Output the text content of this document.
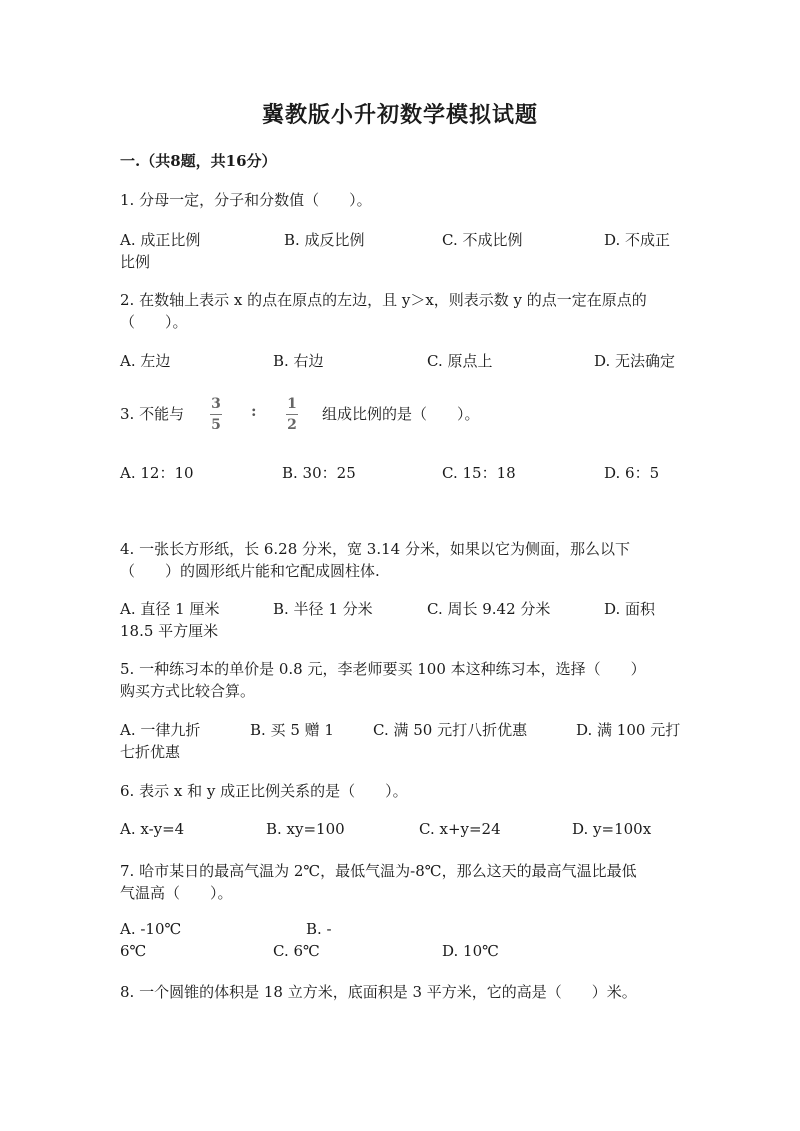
冀教版小升初数学模拟试题
一.（共8题，共16分）
1. 分母一定，分子和分数值（　　）。
A. 成正比例	B. 成反比例	C. 不成比例	D. 不成正
比例
2. 在数轴上表示 x 的点在原点的左边，且 y＞x，则表示数 y 的点一定在原点的
（　　）。
A. 左边	B. 右边	C. 原点上	D. 无法确定
3. 不能与
3
5
: 1
2
组成比例的是（　　）。
A. 12：10	B. 30：25	C. 15：18	D. 6：5
4. 一张长方形纸，长 6.28 分米，宽 3.14 分米，如果以它为侧面，那么以下
（　　）的圆形纸片能和它配成圆柱体.
A. 直径 1 厘米	B. 半径 1 分米	C. 周长 9.42 分米	D. 面积
18.5 平方厘米
5. 一种练习本的单价是 0.8 元，李老师要买 100 本这种练习本，选择（　　）
购买方式比较合算。
A. 一律九折	B. 买 5 赠 1	C. 满 50 元打八折优惠	D. 满 100 元打
七折优惠
6. 表示 x 和 y 成正比例关系的是（　　）。
A. x-y=4	B. xy=100	C. x+y=24	D. y=100x
7. 哈市某日的最高气温为 2℃，最低气温为-8℃，那么这天的最高气温比最低
气温高（　　）。
A. -10℃	B. -
6℃	C. 6℃	D. 10℃
8. 一个圆锥的体积是 18 立方米，底面积是 3 平方米，它的高是（　　）米。
